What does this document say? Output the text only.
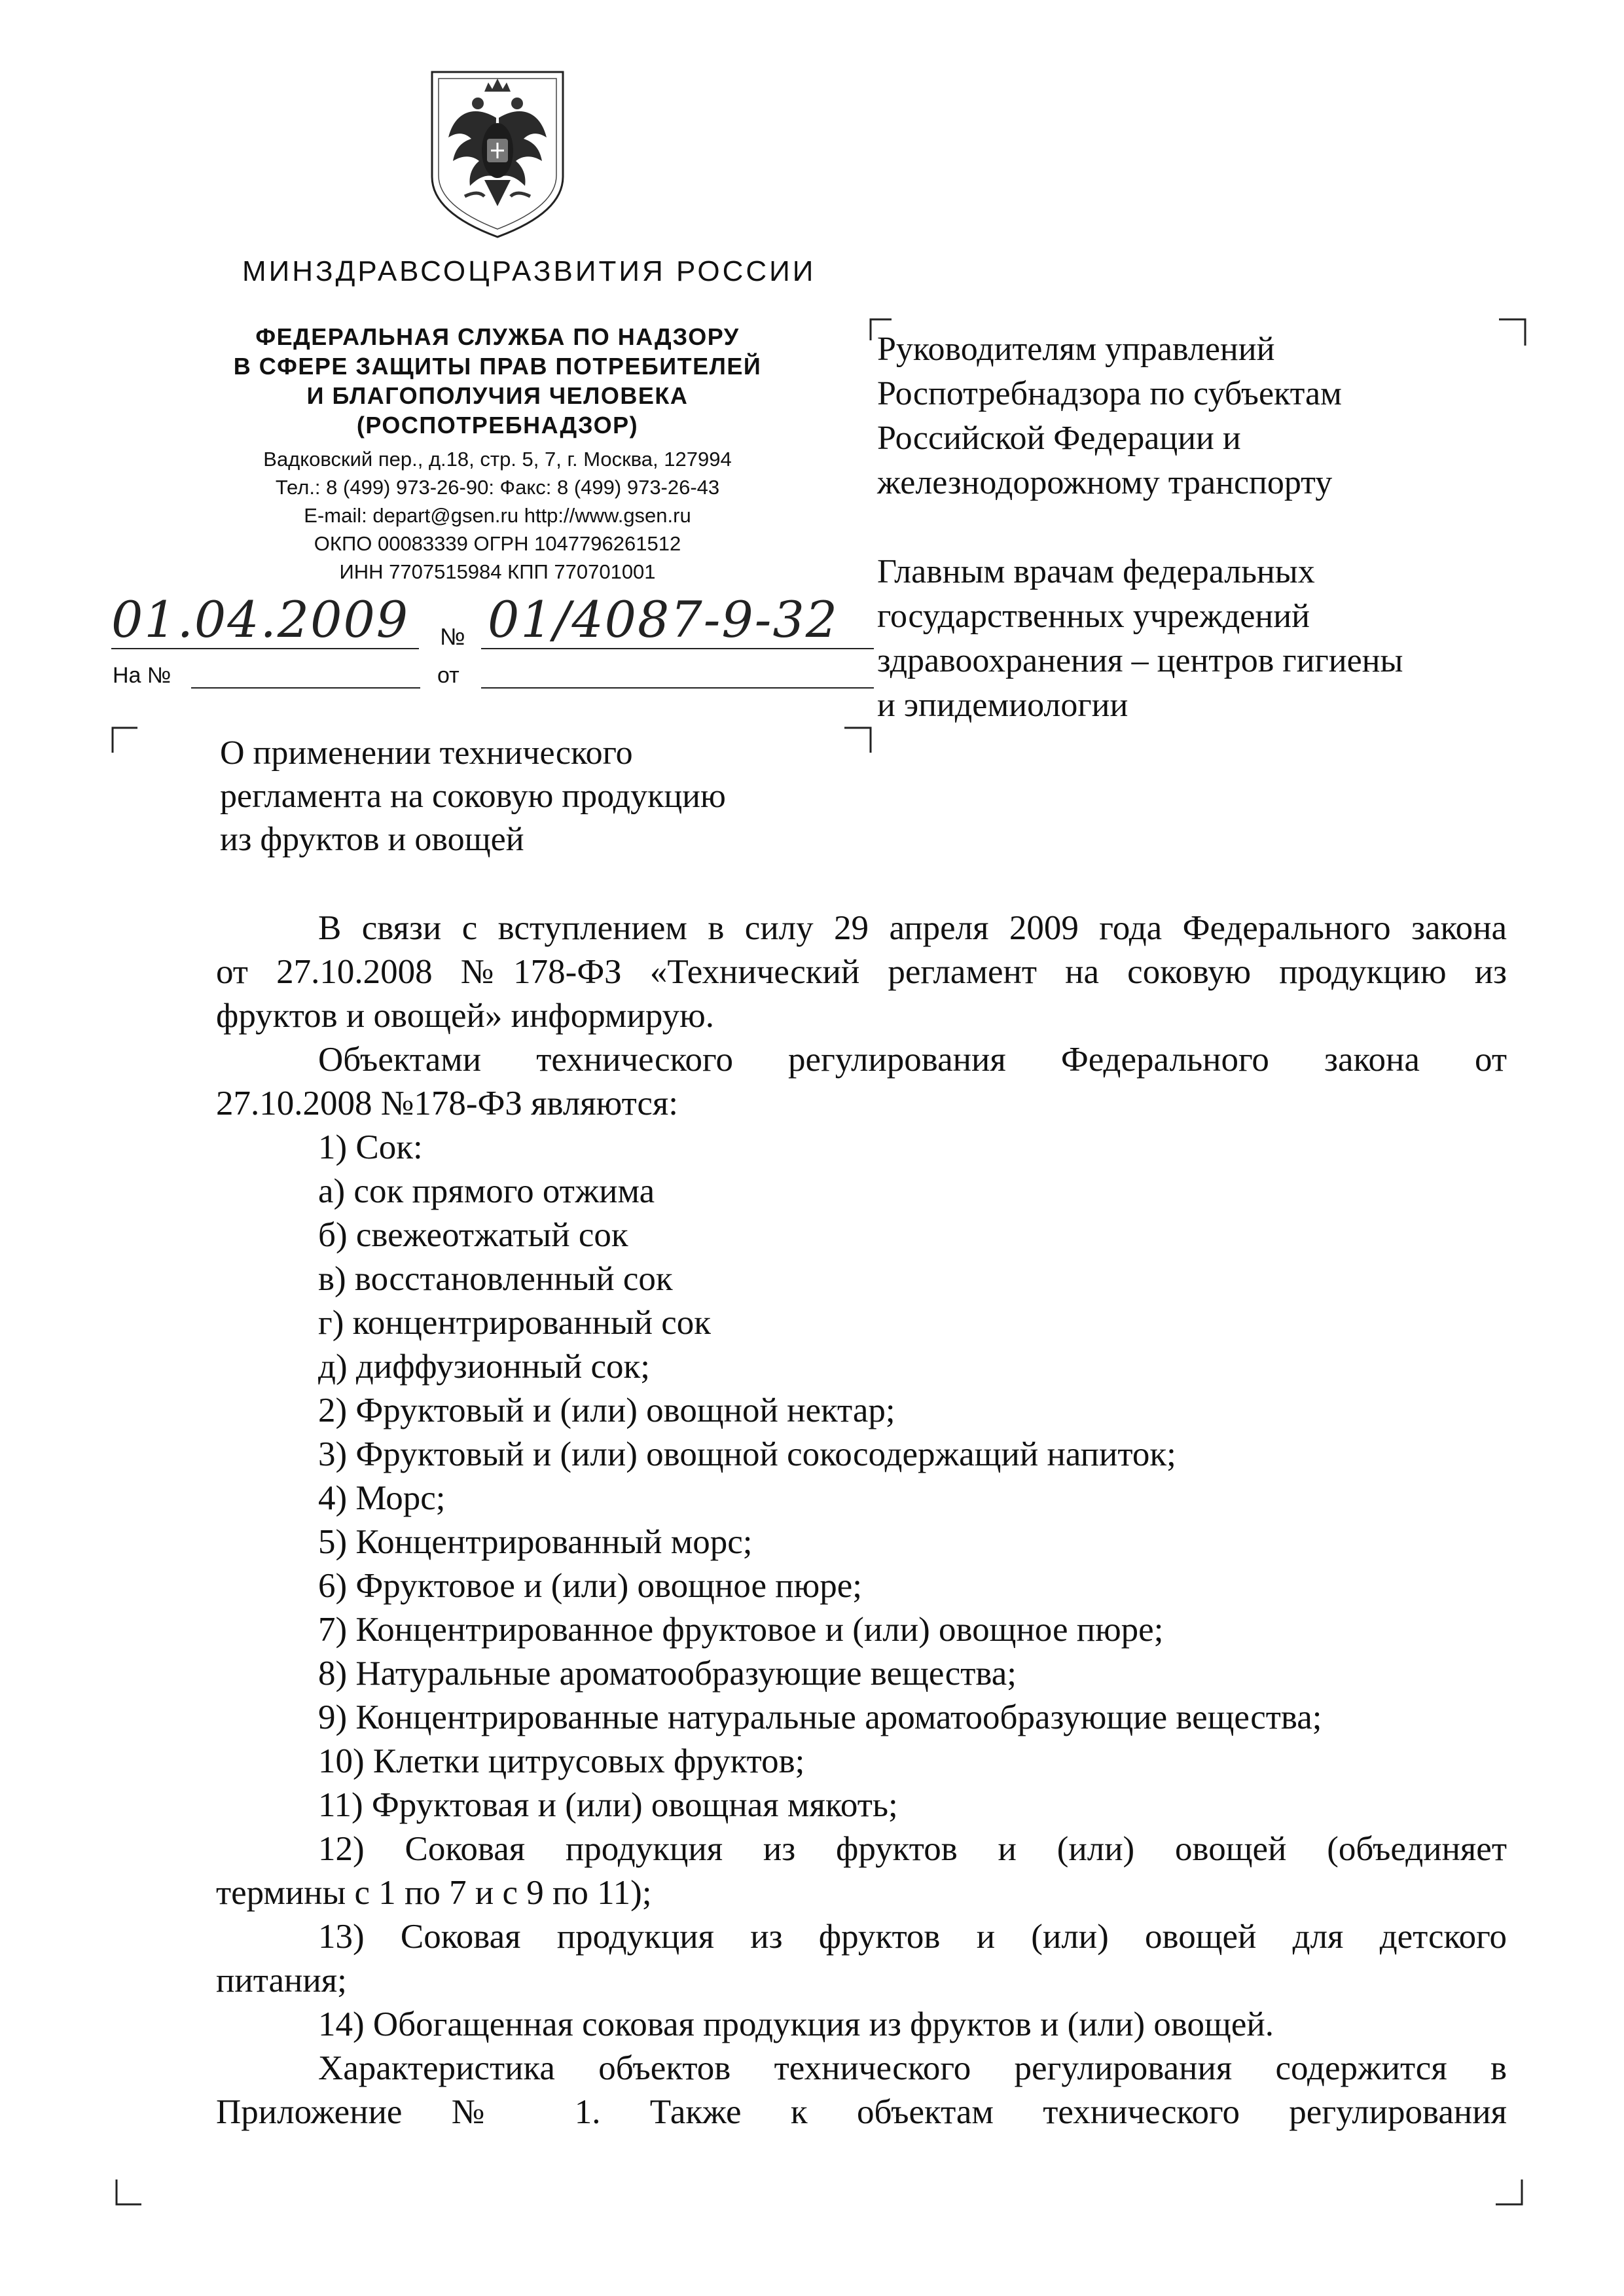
МИНЗДРАВСОЦРАЗВИТИЯ РОССИИ
ФЕДЕРАЛЬНАЯ СЛУЖБА ПО НАДЗОРУ
В СФЕРЕ ЗАЩИТЫ ПРАВ ПОТРЕБИТЕЛЕЙ
И БЛАГОПОЛУЧИЯ ЧЕЛОВЕКА
(РОСПОТРЕБНАДЗОР)
Вадковский пер., д.18, стр. 5, 7, г. Москва, 127994
Тел.: 8 (499) 973-26-90: Факс: 8 (499) 973-26-43
E-mail: depart@gsen.ru http://www.gsen.ru
ОКПО 00083339 ОГРН 1047796261512
ИНН 7707515984 КПП 770701001
01.04.2009 № 01/4087-9-32
На №	от
Руководителям управлений
Роспотребнадзора по субъектам
Российской Федерации и
железнодорожному транспорту
Главным врачам федеральных
государственных учреждений
здравоохранения – центров гигиены
и эпидемиологии
О применении технического
регламента на соковую продукцию
из фруктов и овощей

В связи с вступлением в силу 29 апреля 2009 года Федерального закона

от 27.10.2008 №178-ФЗ «Технический регламент на соковую продукцию из

фруктов и овощей» информирую.

Объектами технического регулирования Федерального закона от

27.10.2008 №178-ФЗ являются:

1) Сок:

а) сок прямого отжима

б) свежеотжатый сок

в) восстановленный сок

г) концентрированный сок

д) диффузионный сок;

2) Фруктовый и (или) овощной нектар;

3) Фруктовый и (или) овощной сокосодержащий напиток;

4) Морс;

5) Концентрированный морс;

6) Фруктовое и (или) овощное пюре;

7) Концентрированное фруктовое и (или) овощное пюре;

8) Натуральные ароматообразующие вещества;

9) Концентрированные натуральные ароматообразующие вещества;

10) Клетки цитрусовых фруктов;

11) Фруктовая и (или) овощная мякоть;

12) Соковая продукция из фруктов и (или) овощей (объединяет

термины с 1 по 7 и с 9 по 11);

13) Соковая продукция из фруктов и (или) овощей для детского

питания;

14) Обогащенная соковая продукция из фруктов и (или) овощей.

Характеристика объектов технического регулирования содержится в

Приложение № 1. Также к объектам технического регулирования
